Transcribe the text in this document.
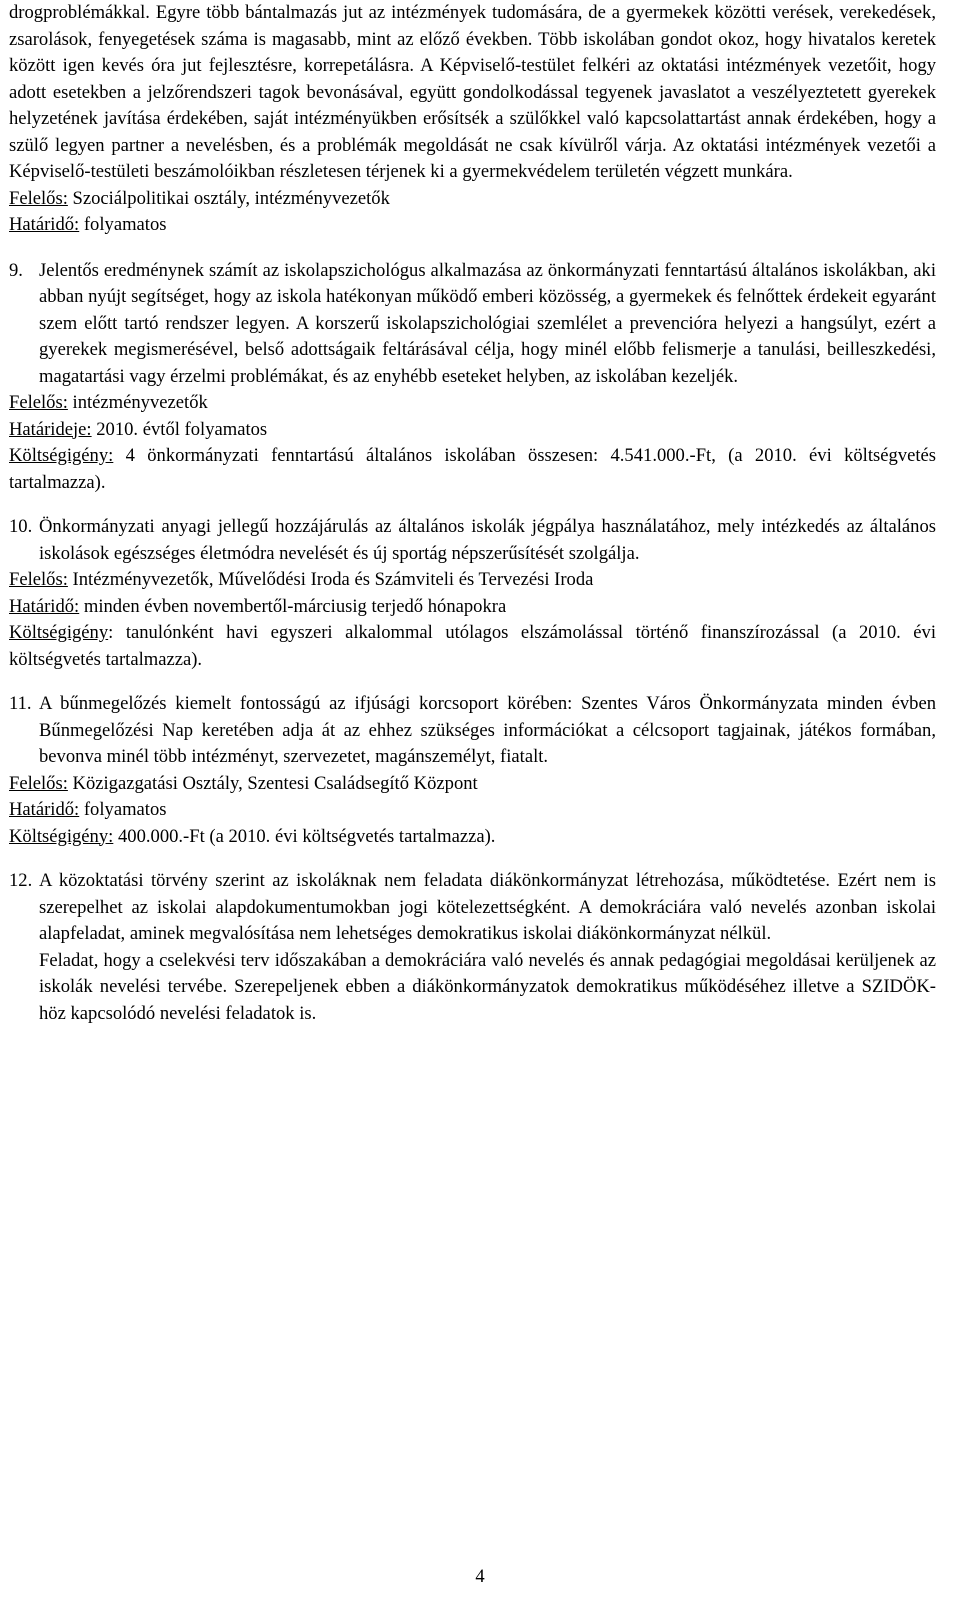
drogproblémákkal. Egyre több bántalmazás jut az intézmények tudomására, de a gyermekek közötti verések, verekedések, zsarolások, fenyegetések száma is magasabb, mint az előző években. Több iskolában gondot okoz, hogy hivatalos keretek között igen kevés óra jut fejlesztésre, korrepetálásra. A Képviselő-testület felkéri az oktatási intézmények vezetőit, hogy adott esetekben a jelzőrendszeri tagok bevonásával, együtt gondolkodással tegyenek javaslatot a veszélyeztetett gyerekek helyzetének javítása érdekében, saját intézményükben erősítsék a szülőkkel való kapcsolattartást annak érdekében, hogy a szülő legyen partner a nevelésben, és a problémák megoldását ne csak kívülről várja. Az oktatási intézmények vezetői a Képviselő-testületi beszámolóikban részletesen térjenek ki a gyermekvédelem területén végzett munkára.

Felelős: Szociálpolitikai osztály, intézményvezetők

Határidő: folyamatos

9. Jelentős eredménynek számít az iskolapszichológus alkalmazása az önkormányzati fenntartású általános iskolákban, aki abban nyújt segítséget, hogy az iskola hatékonyan működő emberi közösség, a gyermekek és felnőttek érdekeit egyaránt szem előtt tartó rendszer legyen. A korszerű iskolapszichológiai szemlélet a prevencióra helyezi a hangsúlyt, ezért a gyerekek megismerésével, belső adottságaik feltárásával célja, hogy minél előbb felismerje a tanulási, beilleszkedési, magatartási vagy érzelmi problémákat, és az enyhébb eseteket helyben, az iskolában kezeljék.

Felelős: intézményvezetők

Határideje: 2010. évtől folyamatos

Költségigény: 4 önkormányzati fenntartású általános iskolában összesen: 4.541.000.-Ft, (a 2010. évi költségvetés tartalmazza).

10. Önkormányzati anyagi jellegű hozzájárulás az általános iskolák jégpálya használatához, mely intézkedés az általános iskolások egészséges életmódra nevelését és új sportág népszerűsítését szolgálja.

Felelős: Intézményvezetők, Művelődési Iroda és Számviteli és Tervezési Iroda

Határidő: minden évben novembertől-márciusig terjedő hónapokra

Költségigény: tanulónként havi egyszeri alkalommal utólagos elszámolással történő finanszírozással (a 2010. évi költségvetés tartalmazza).

11. A bűnmegelőzés kiemelt fontosságú az ifjúsági korcsoport körében: Szentes Város Önkormányzata minden évben Bűnmegelőzési Nap keretében adja át az ehhez szükséges információkat a célcsoport tagjainak, játékos formában, bevonva minél több intézményt, szervezetet, magánszemélyt, fiatalt.

Felelős: Közigazgatási Osztály, Szentesi Családsegítő Központ

Határidő: folyamatos

Költségigény: 400.000.-Ft (a 2010. évi költségvetés tartalmazza).

12. A közoktatási törvény szerint az iskoláknak nem feladata diákönkormányzat létrehozása, működtetése. Ezért nem is szerepelhet az iskolai alapdokumentumokban jogi kötelezettségként. A demokráciára való nevelés azonban iskolai alapfeladat, aminek megvalósítása nem lehetséges demokratikus iskolai diákönkormányzat nélkül.

Feladat, hogy a cselekvési terv időszakában a demokráciára való nevelés és annak pedagógiai megoldásai kerüljenek az iskolák nevelési tervébe. Szerepeljenek ebben a diákönkormányzatok demokratikus működéséhez illetve a SZIDÖK-höz kapcsolódó nevelési feladatok is.

4
